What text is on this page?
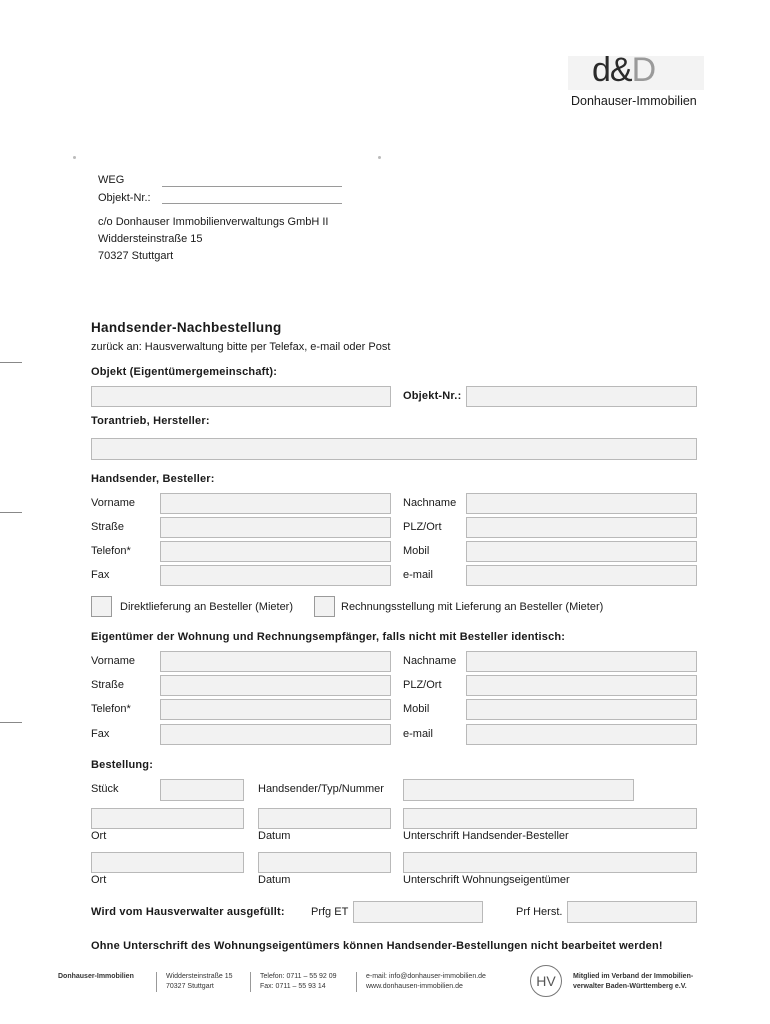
d&D
Donhauser-Immobilien
WEG
Objekt-Nr.:
c/o Donhauser Immobilienverwaltungs GmbH II
Widdersteinstraße 15
70327 Stuttgart
Handsender-Nachbestellung
zurück an: Hausverwaltung bitte per Telefax, e-mail oder Post
Objekt (Eigentümergemeinschaft):
Objekt-Nr.:
Torantrieb, Hersteller:
Handsender, Besteller:
Vorname	Nachname
Straße	PLZ/Ort
Telefon*	Mobil
Fax	e-mail
Direktlieferung an Besteller (Mieter)	Rechnungsstellung mit Lieferung an Besteller (Mieter)
Eigentümer der Wohnung und Rechnungsempfänger, falls nicht mit Besteller identisch:
Vorname	Nachname
Straße	PLZ/Ort
Telefon*	Mobil
Fax	e-mail
Bestellung:
Stück	Handsender/Typ/Nummer
Ort	Datum	Unterschrift Handsender-Besteller
Ort	Datum	Unterschrift Wohnungseigentümer
Wird vom Hausverwalter ausgefüllt: Prfg ET	Prf Herst.
Ohne Unterschrift des Wohnungseigentümers können Handsender-Bestellungen nicht bearbeitet werden!
Donhauser-Immobilien	Widdersteinstraße 15
70327 Stuttgart
Telefon: 0711 – 55 92 09
Fax: 0711 – 55 93 14
e-mail: info@donhauser-immobilien.de
www.donhausen-immobilien.de	HV	Mitglied im Verband der Immobilien-
verwalter Baden-Württemberg e.V.
